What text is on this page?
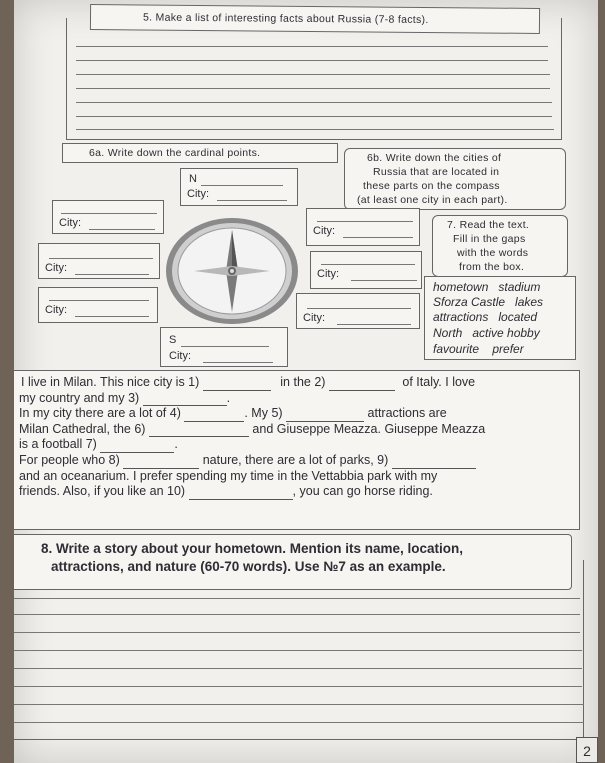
5. Make a list of interesting facts about Russia (7-8 facts).
6a. Write down the cardinal points.	6b. Write down the cities of
Russia that are located in
these parts on the compass
(at least one city in each part).
N
City:
City:
City:
City:
City:
City:
City:
S
City:
7. Read the text.
Fill in the gaps
with the words
from the box.
hometown   stadium
Sforza Castle   lakes
attractions   located
North   active hobby
favourite    prefer

I live in Milan. This nice city is 1)	in the 2)	of Italy. I love

my country and my 3)	.

In my city there are a lot of 4)	. My 5)	attractions are

Milan Cathedral, the 6)	and Giuseppe Meazza. Giuseppe Meazza

is a football 7)	.

For people who 8)	nature, there are a lot of parks, 9)

and an oceanarium. I prefer spending my time in the Vettabbia park with my

friends. Also, if you like an 10)	, you can go horse riding.

8. Write a story about your hometown. Mention its name, location,
attractions, and nature (60-70 words). Use №7 as an example.
2
